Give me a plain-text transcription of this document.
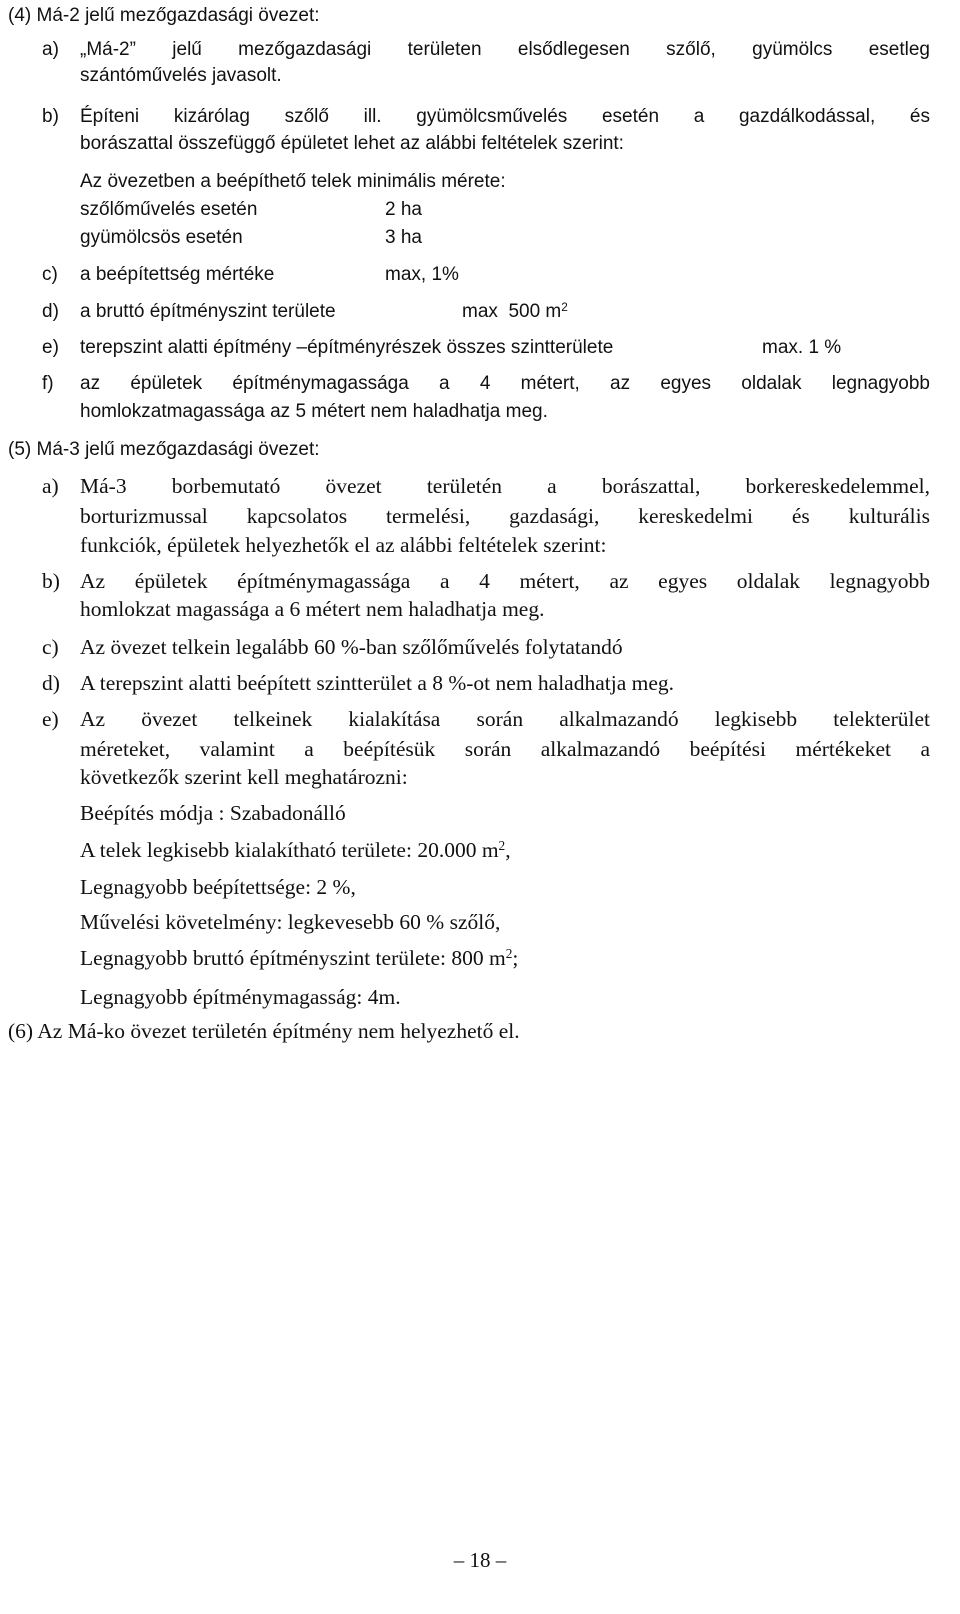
(4) Má-2 jelű mezőgazdasági övezet:
a) „Má-2” jelű mezőgazdasági területen elsődlegesen szőlő, gyümölcs esetleg
szántóművelés javasolt.
b) Építeni kizárólag szőlő ill. gyümölcsművelés esetén a gazdálkodással, és
borászattal összefüggő épületet lehet az alábbi feltételek szerint:
Az övezetben a beépíthető telek minimális mérete:
szőlőművelés esetén	2 ha
gyümölcsös esetén	3 ha
c) a beépítettség mértéke	max, 1%
d) a bruttó építményszint területe	max  500 $m^2$
e) terepszint alatti építmény –építményrészek összes szintterülete	max. 1 %
f) az épületek építménymagassága a 4 métert, az egyes oldalak legnagyobb
homlokzatmagassága az 5 métert nem haladhatja meg.
(5) Má-3 jelű mezőgazdasági övezet:
a) Má-3 borbemutató övezet területén a borászattal, borkereskedelemmel,
borturizmussal kapcsolatos termelési, gazdasági, kereskedelmi és kulturális
funkciók, épületek helyezhetők el az alábbi feltételek szerint:
b) Az épületek építménymagassága a 4 métert, az egyes oldalak legnagyobb
homlokzat magassága a 6 métert nem haladhatja meg.
c) Az övezet telkein legalább 60 %-ban szőlőművelés folytatandó
d) A terepszint alatti beépített szintterület a 8 %-ot nem haladhatja meg.
e) Az övezet telkeinek kialakítása során alkalmazandó legkisebb telekterület
méreteket, valamint a beépítésük során alkalmazandó beépítési mértékeket a
következők szerint kell meghatározni:
Beépítés módja : Szabadonálló
A telek legkisebb kialakítható területe: 20.000 $m^2$,
Legnagyobb beépítettsége: 2 %,
Művelési követelmény: legkevesebb 60 % szőlő,
Legnagyobb bruttó építményszint területe: 800 $m^2$;
Legnagyobb építménymagasság: 4m.
(6) Az Má-ko övezet területén építmény nem helyezhető el.
– 18 –
